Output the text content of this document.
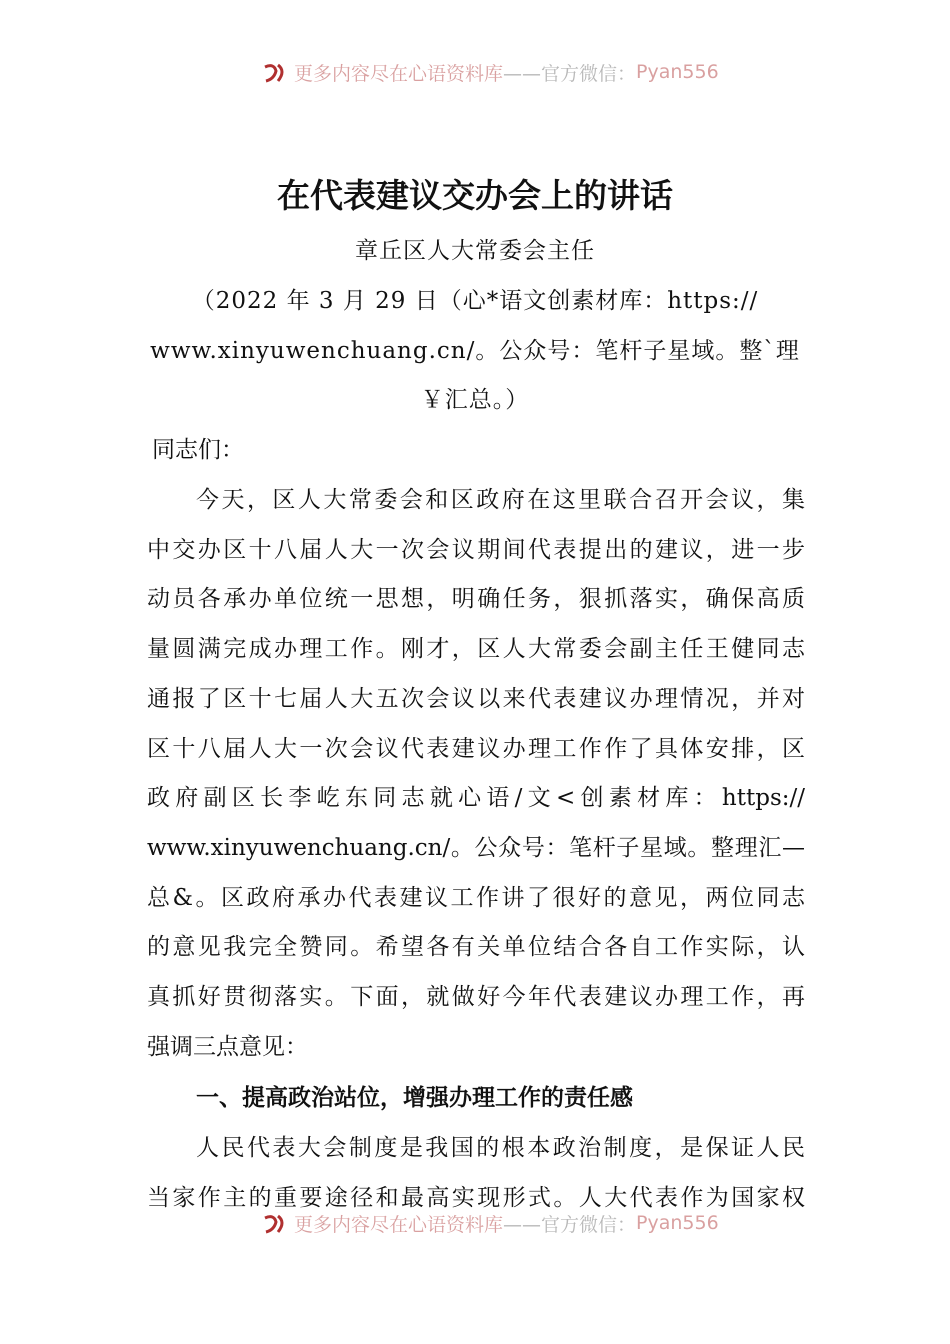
更多内容尽在心语资料库 ——官方微信： Pyan556
在代表建议交办会上的讲话
章丘区人大常委会主任
（2022 年 3 月 29 日（心*语文创素材库：https://
www.xinyuwenchuang.cn/。公众号：笔杆子星域。整`理
￥汇总。）
同志们：
今天，区人大常委会和区政府在这里联合召开会议，集
中交办区十八届人大一次会议期间代表提出的建议，进一步
动员各承办单位统一思想，明确任务，狠抓落实，确保高质
量圆满完成办理工作。刚才，区人大常委会副主任王健同志
通报了区十七届人大五次会议以来代表建议办理情况，并对
区十八届人大一次会议代表建议办理工作作了具体安排，区
政府副区长李屹东同志就心语/文<创素材库：https://
www.xinyuwenchuang.cn/。公众号：笔杆子星域。整理汇—
总&。区政府承办代表建议工作讲了很好的意见，两位同志
的意见我完全赞同。希望各有关单位结合各自工作实际，认
真抓好贯彻落实。下面，就做好今年代表建议办理工作，再
强调三点意见：
一、提高政治站位，增强办理工作的责任感
人民代表大会制度是我国的根本政治制度，是保证人民
当家作主的重要途径和最高实现形式。人大代表作为国家权
更多内容尽在心语资料库 ——官方微信： Pyan556
